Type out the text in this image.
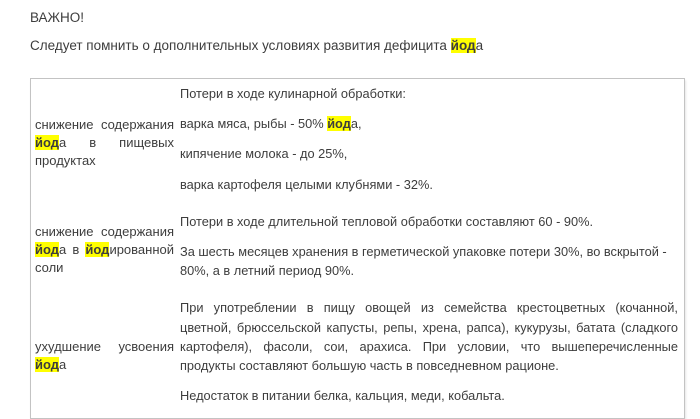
ВАЖНО!
Следует помнить о дополнительных условиях развития дефицита йода
снижение содержания йода в пищевых продуктах	Потери в ходе кулинарной обработки:

варка мяса, рыбы - 50% йода,

кипячение молока - до 25%,

варка картофеля целыми клубнями - 32%.

снижение содержания йода в йодированной соли	Потери в ходе длительной тепловой обработки составляют 60 - 90%.

За шесть месяцев хранения в герметической упаковке потери 30%, во вскрытой - 80%, а в летний период 90%.

ухудшение усвоения йода	При употреблении в пищу овощей из семейства крестоцветных (кочанной, цветной, брюссельской капусты, репы, хрена, рапса), кукурузы, батата (сладкого картофеля), фасоли, сои, арахиса. При условии, что вышеперечисленные продукты составляют большую часть в повседневном рационе.

Недостаток в питании белка, кальция, меди, кобальта.
